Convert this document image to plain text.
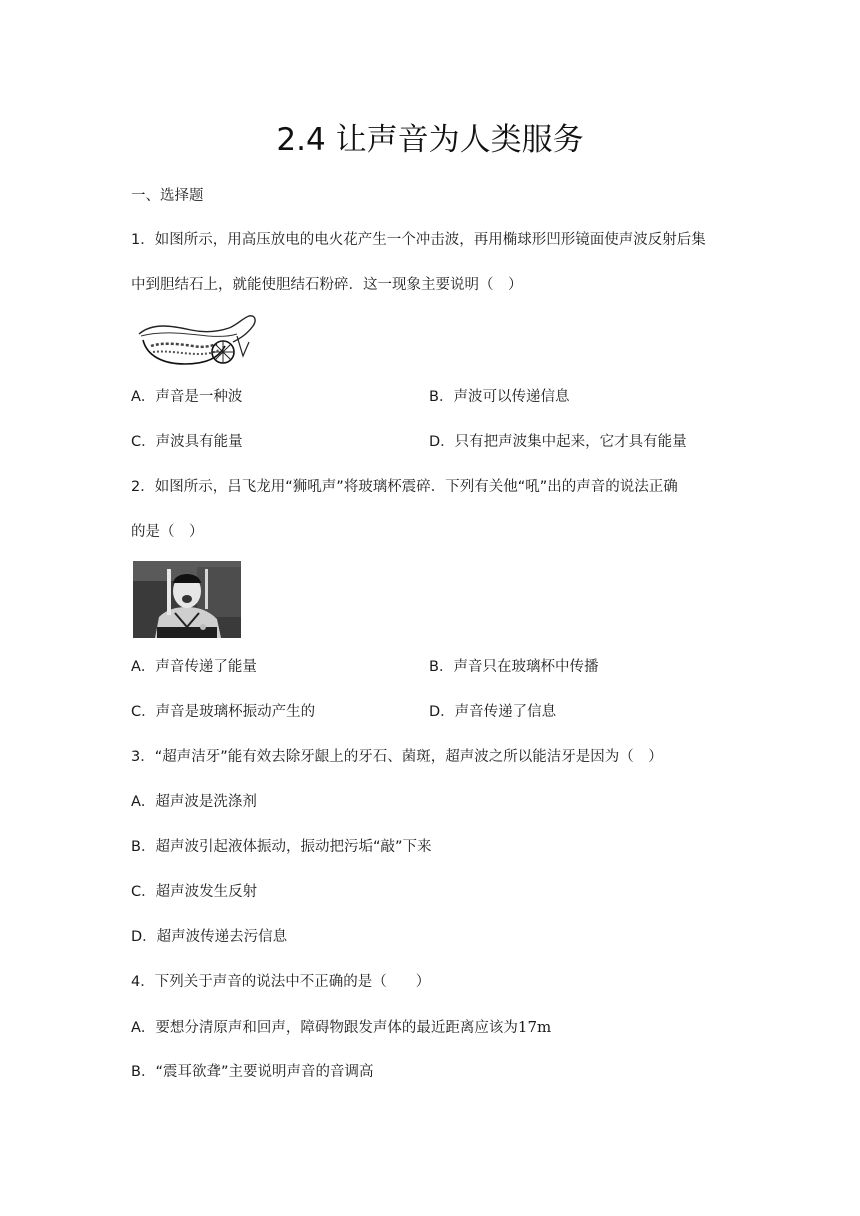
2.4 让声音为人类服务
一、选择题
1．如图所示，用高压放电的电火花产生一个冲击波，再用椭球形凹形镜面使声波反射后集
中到胆结石上，就能使胆结石粉碎．这一现象主要说明（　）
A．声音是一种波	B．声波可以传递信息
C．声波具有能量	D．只有把声波集中起来，它才具有能量
2．如图所示，吕飞龙用“狮吼声”将玻璃杯震碎．下列有关他“吼”出的声音的说法正确
的是（　）
A．声音传递了能量	B．声音只在玻璃杯中传播
C．声音是玻璃杯振动产生的	D．声音传递了信息
3．“超声洁牙”能有效去除牙龈上的牙石、菌斑，超声波之所以能洁牙是因为（　）
A．超声波是洗涤剂
B．超声波引起液体振动，振动把污垢“敲”下来
C．超声波发生反射
D．超声波传递去污信息
4．下列关于声音的说法中不正确的是（　　）
A．要想分清原声和回声，障碍物跟发声体的最近距离应该为17m
B．“震耳欲聋”主要说明声音的音调高
